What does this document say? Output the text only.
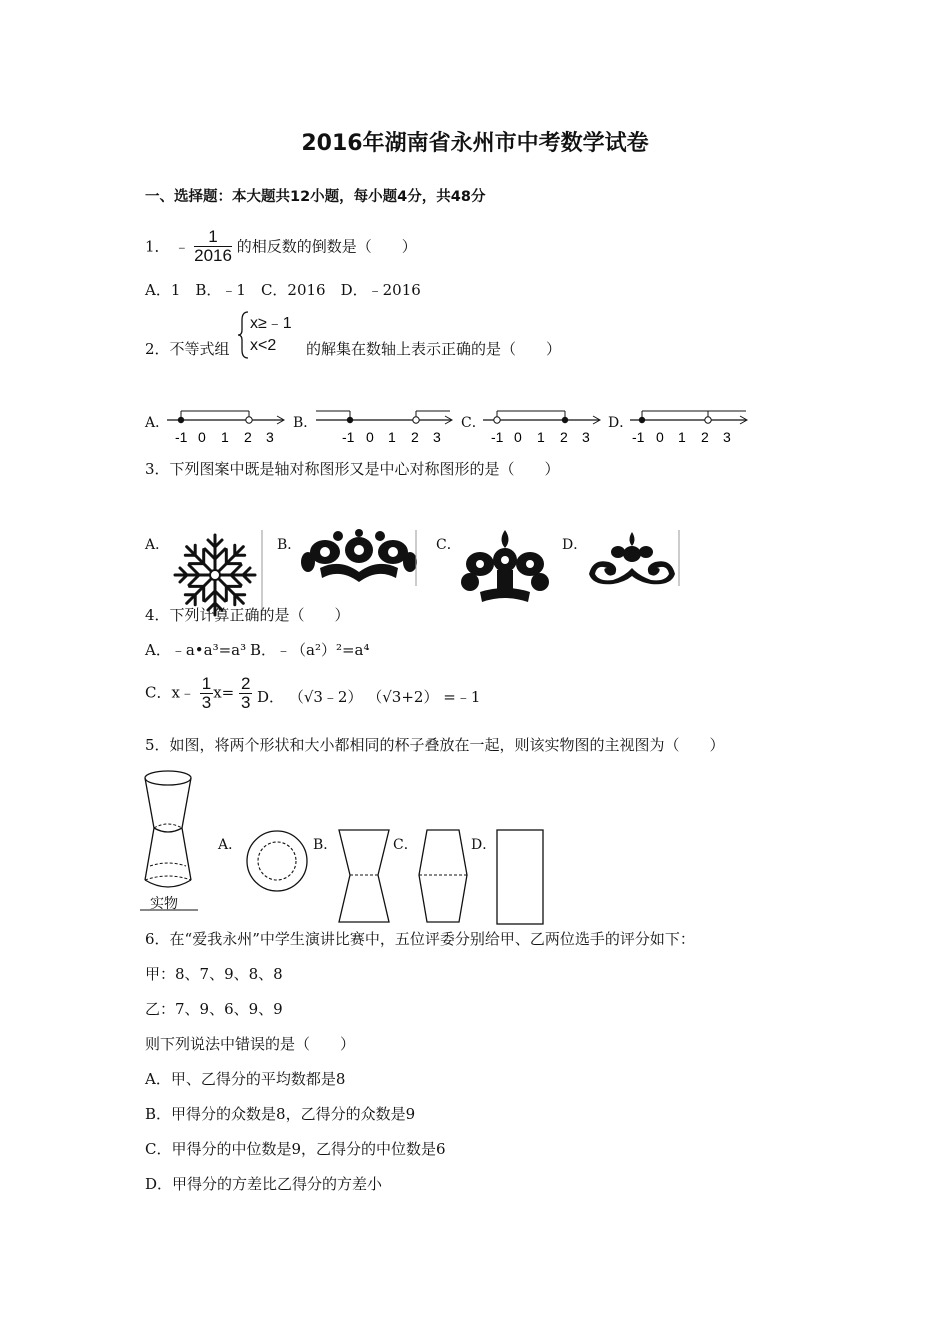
2016年湖南省永州市中考数学试卷
一、选择题：本大题共12小题，每小题4分，共48分
1． ﹣ $\frac{1}{2016}$ 的相反数的倒数是（　　）
A．1　B．﹣1　C．2016　D．﹣2016
2．不等式组
x≥﹣1
x<2 的解集在数轴上表示正确的是（　　）
A．
-1 0 1 2 3
B．
-1 0 1 2 3
C．
-1 0 1 2 3
D．
-1 0 1 2 3
3．下列图案中既是轴对称图形又是中心对称图形的是（　　）
A．	B．	C．	D．
4．下列计算正确的是（　　）
A．﹣a•a³=a³ B．﹣（a²）²=a⁴
C．x﹣ $\frac{1}{3} x= \frac{2}{3}$ D． （√3﹣2） （√3+2） =﹣1
5．如图，将两个形状和大小都相同的杯子叠放在一起，则该实物图的主视图为（　　）
实物
A．	B．	C．	D．
6．在“爱我永州”中学生演讲比赛中，五位评委分别给甲、乙两位选手的评分如下：
甲：8、7、9、8、8
乙：7、9、6、9、9
则下列说法中错误的是（　　）
A．甲、乙得分的平均数都是8
B．甲得分的众数是8，乙得分的众数是9
C．甲得分的中位数是9，乙得分的中位数是6
D．甲得分的方差比乙得分的方差小
